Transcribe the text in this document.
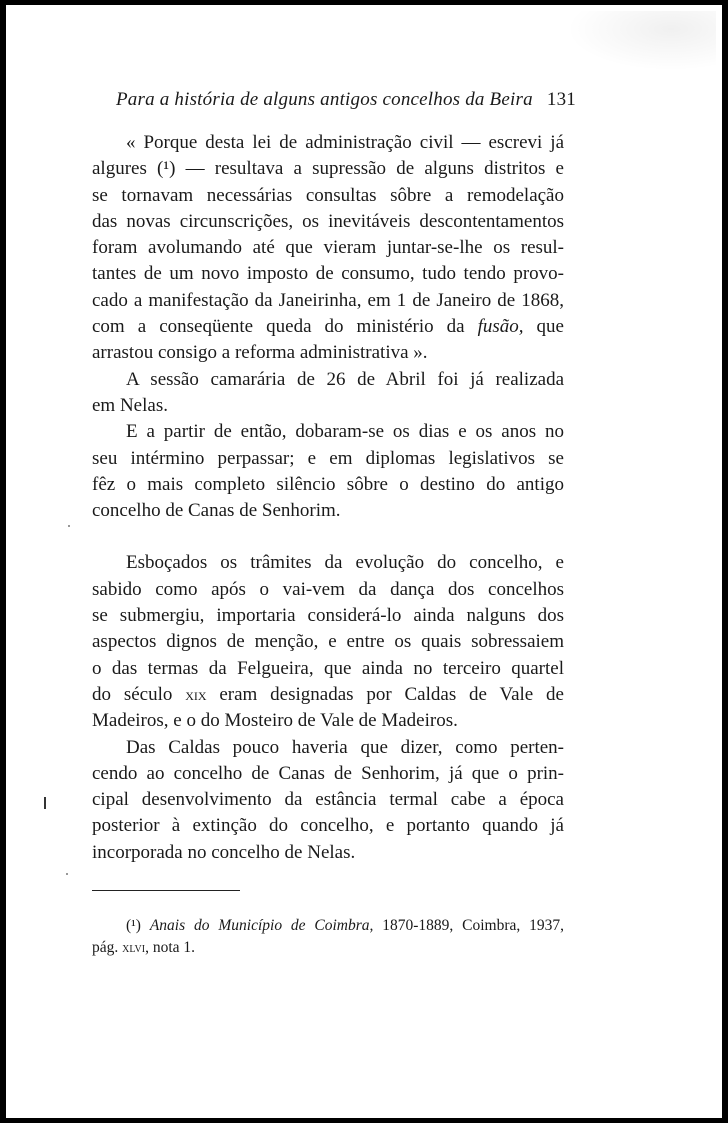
Para a história de alguns antigos concelhos da Beira 131
« Porque desta lei de administração civil — escrevi já
algures (¹) — resultava a supressão de alguns distritos e
se tornavam necessárias consultas sôbre a remodelação
das novas circunscrições, os inevitáveis descontentamentos
foram avolumando até que vieram juntar-se-lhe os resul-
tantes de um novo imposto de consumo, tudo tendo provo-
cado a manifestação da Janeirinha, em 1 de Janeiro de 1868,
com a conseqüente queda do ministério da fusão, que
arrastou consigo a reforma administrativa ».
A sessão camarária de 26 de Abril foi já realizada
em Nelas.
E a partir de então, dobaram-se os dias e os anos no
seu intérmino perpassar; e em diplomas legislativos se
fêz o mais completo silêncio sôbre o destino do antigo
concelho de Canas de Senhorim.
Esboçados os trâmites da evolução do concelho, e
sabido como após o vai-vem da dança dos concelhos
se submergiu, importaria considerá-lo ainda nalguns dos
aspectos dignos de menção, e entre os quais sobressaiem
o das termas da Felgueira, que ainda no terceiro quartel
do século xix eram designadas por Caldas de Vale de
Madeiros, e o do Mosteiro de Vale de Madeiros.
Das Caldas pouco haveria que dizer, como perten-
cendo ao concelho de Canas de Senhorim, já que o prin-
cipal desenvolvimento da estância termal cabe a época
posterior à extinção do concelho, e portanto quando já
incorporada no concelho de Nelas.
(¹) Anais do Município de Coimbra, 1870-1889, Coimbra, 1937,
pág. xlvi, nota 1.
